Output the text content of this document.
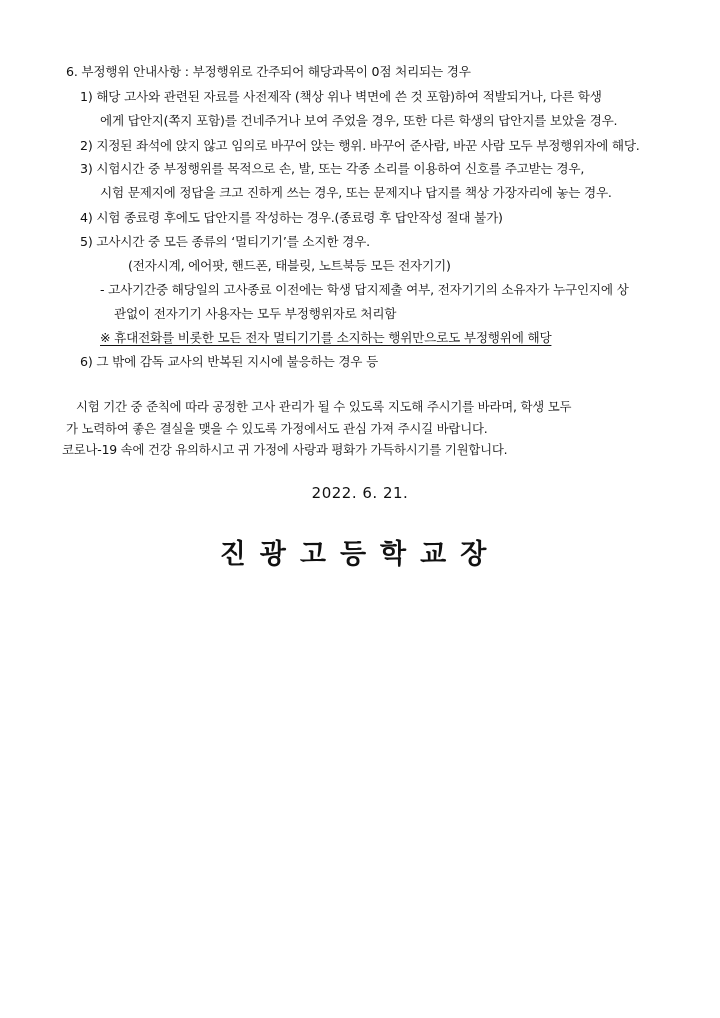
6. 부정행위 안내사항 : 부정행위로 간주되어 해당과목이 0점 처리되는 경우
1) 해당 고사와 관련된 자료를 사전제작 (책상 위나 벽면에 쓴 것 포함)하여 적발되거나, 다른 학생
에게 답안지(쪽지 포함)를 건네주거나 보여 주었을 경우, 또한 다른 학생의 답안지를 보았을 경우.
2) 지정된 좌석에 앉지 않고 임의로 바꾸어 앉는 행위. 바꾸어 준사람, 바꾼 사람 모두 부정행위자에 해당.
3) 시험시간 중 부정행위를 목적으로 손, 발, 또는 각종 소리를 이용하여 신호를 주고받는 경우,
시험 문제지에 정답을 크고 진하게 쓰는 경우, 또는 문제지나 답지를 책상 가장자리에 놓는 경우.
4) 시험 종료령 후에도 답안지를 작성하는 경우.(종료령 후 답안작성 절대 불가)
5) 고사시간 중 모든 종류의 ‘멀티기기’를 소지한 경우.
(전자시계, 에어팟, 핸드폰, 태블릿, 노트북등 모든 전자기기)
- 고사기간중 해당일의 고사종료 이전에는 학생 답지제출 여부, 전자기기의 소유자가 누구인지에 상
관없이 전자기기 사용자는 모두 부정행위자로 처리함
※ 휴대전화를 비롯한 모든 전자 멀티기기를 소지하는 행위만으로도 부정행위에 해당
6) 그 밖에 감독 교사의 반복된 지시에 불응하는 경우 등
시험 기간 중 준칙에 따라 공정한 고사 관리가 될 수 있도록 지도해 주시기를 바라며, 학생 모두
가 노력하여 좋은 결실을 맺을 수 있도록 가정에서도 관심 가져 주시길 바랍니다.
코로나-19 속에 건강 유의하시고 귀 가정에 사랑과 평화가 가득하시기를 기원합니다.
2022. 6. 21.
진광고등학교장
